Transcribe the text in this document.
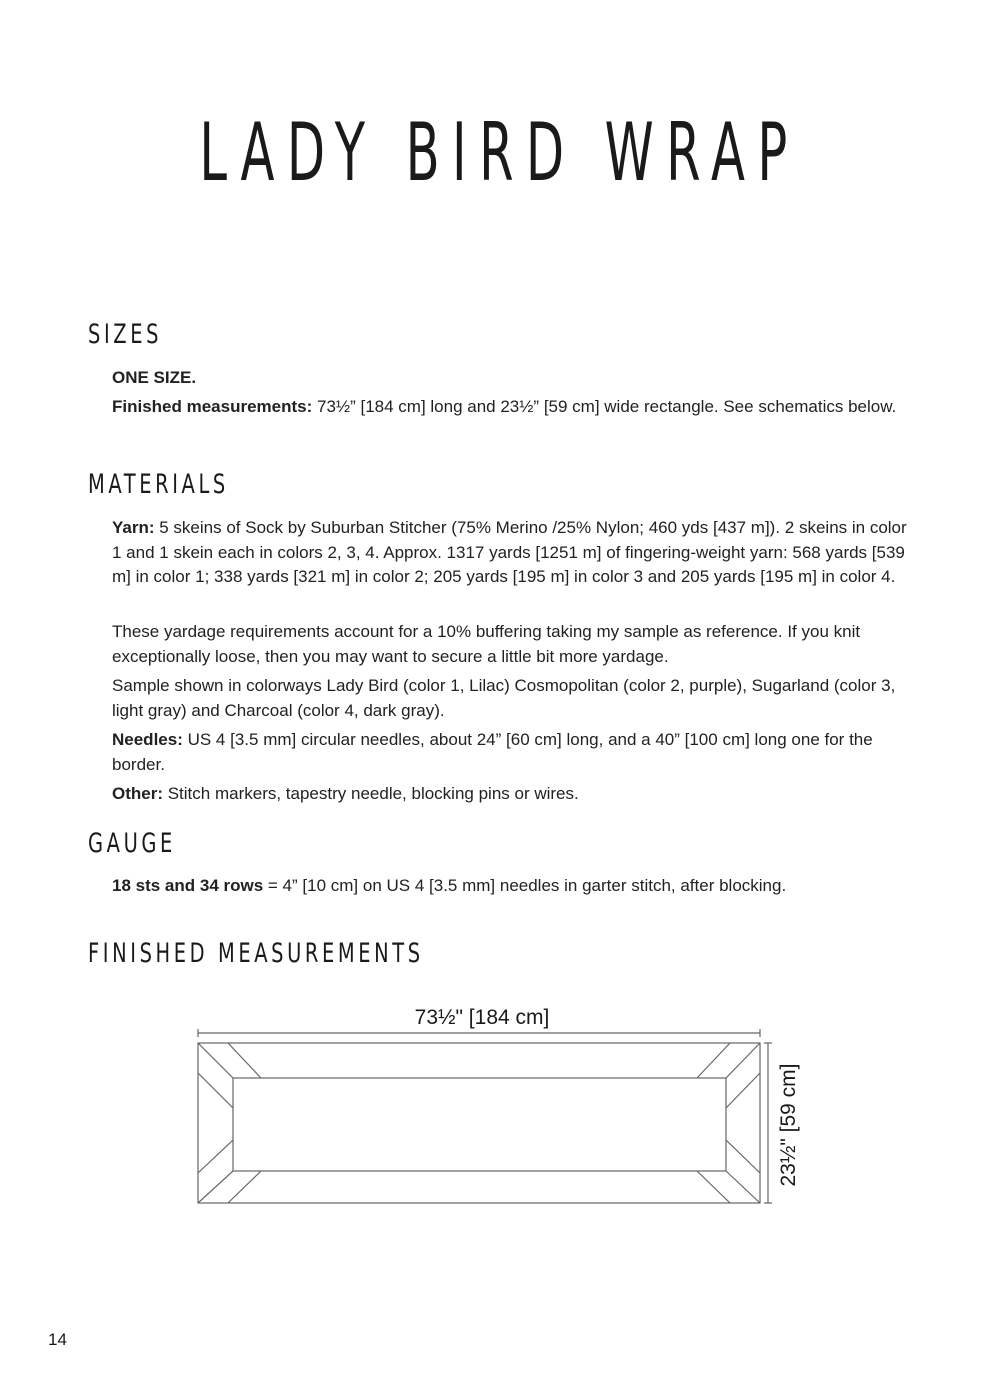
LADY BIRD WRAP
SIZES

ONE SIZE.

Finished measurements: 73½” [184 cm] long and 23½” [59 cm] wide rectangle. See schematics below.

MATERIALS

Yarn: 5 skeins of Sock by Suburban Stitcher (75% Merino /25% Nylon; 460 yds [437 m]). 2 skeins in color 1 and 1 skein each in colors 2, 3, 4. Approx. 1317 yards [1251 m] of fingering-weight yarn: 568 yards [539 m] in color 1; 338 yards [321 m] in color 2; 205 yards [195 m] in color 3 and 205 yards [195 m] in color 4.

These yardage requirements account for a 10% buffering taking my sample as reference. If you knit exceptionally loose, then you may want to secure a little bit more yardage.

Sample shown in colorways Lady Bird (color 1, Lilac) Cosmopolitan (color 2, purple), Sugarland (color 3, light gray) and Charcoal (color 4, dark gray).

Needles: US 4 [3.5 mm] circular needles, about 24” [60 cm] long, and a 40” [100 cm] long one for the border.

Other: Stitch markers, tapestry needle, blocking pins or wires.

GAUGE

18 sts and 34 rows = 4” [10 cm] on US 4 [3.5 mm] needles in garter stitch, after blocking.

FINISHED MEASUREMENTS
73½" [184 cm]
23½" [59 cm]
14
